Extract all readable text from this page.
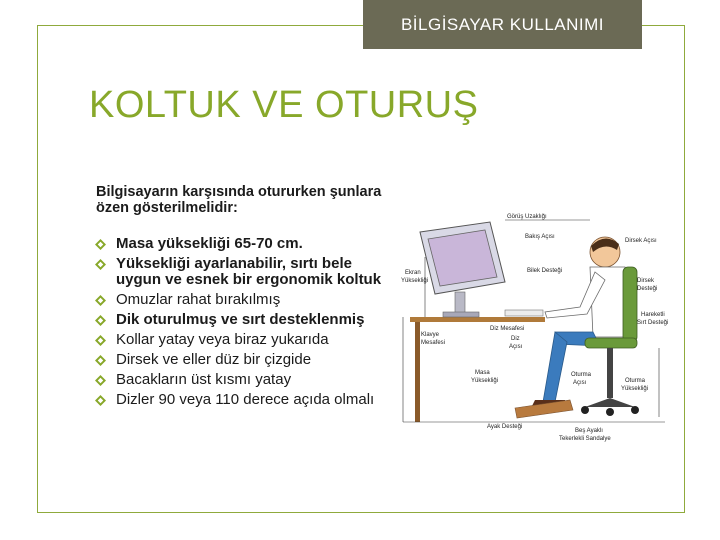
BİLGİSAYAR KULLANIMI
KOLTUK VE OTURUŞ
Bilgisayarın karşısında otururken şunlara özen gösterilmelidir:
Masa yüksekliği 65-70 cm.
Yüksekliği ayarlanabilir, sırtı bele uygun ve esnek bir ergonomik koltuk
Omuzlar rahat bırakılmış
Dik oturulmuş ve sırt desteklenmiş
Kollar yatay veya biraz yukarıda
Dirsek ve eller düz bir çizgide
Bacakların üst kısmı yatay
Dizler 90 veya 110 derece açıda olmalı
Görüş Uzaklığı
Bakış Açısı
Dirsek Açısı
Ekran
Yüksekliği
Bilek Desteği
Dirsek
Desteği
Hareketli
Sırt Desteği
Diz Mesafesi
Klavye
Mesafesi
Diz
Açısı
Masa
Yüksekliği
Oturma
Açısı	Oturma
Yüksekliği
Ayak Desteği
Beş Ayaklı
Tekerlekli Sandalye
